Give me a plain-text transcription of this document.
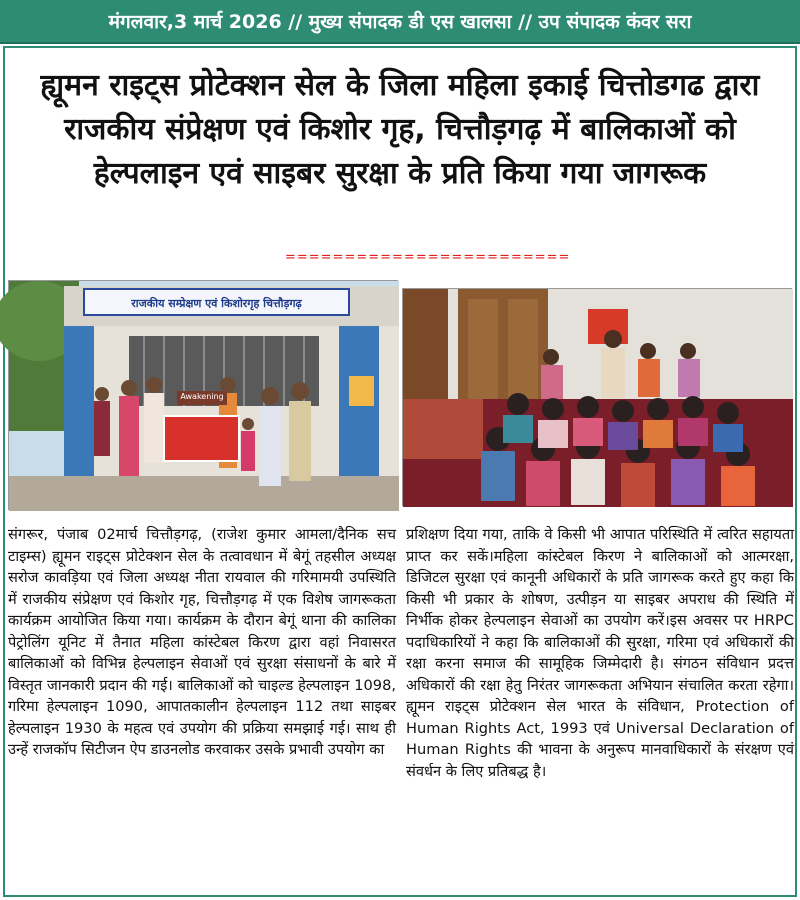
मंगलवार,3 मार्च 2026 // मुख्य संपादक डी एस खालसा // उप संपादक कंवर सरा
ह्यूमन राइट्स प्रोटेक्शन सेल के जिला महिला इकाई चित्तोडगढ द्वारा राजकीय संप्रेक्षण एवं किशोर गृह, चित्तौड़गढ़ में बालिकाओं को हेल्पलाइन एवं साइबर सुरक्षा के प्रति किया गया जागरूक
========================
राजकीय सम्प्रेक्षण एवं किशोरगृह चित्तौड़गढ़
Awakening

संगरूर, पंजाब 02मार्च चित्तौड़गढ़, (राजेश कुमार आमला/दैनिक सच टाइम्स) ह्यूमन राइट्स प्रोटेक्शन सेल के तत्वावधान में बेगूं तहसील अध्यक्ष सरोज कावड़िया एवं जिला अध्यक्ष नीता रायवाल की गरिमामयी उपस्थिति में राजकीय संप्रेक्षण एवं किशोर गृह, चित्तौड़गढ़ में एक विशेष जागरूकता कार्यक्रम आयोजित किया गया। कार्यक्रम के दौरान बेगूं थाना की कालिका पेट्रोलिंग यूनिट में तैनात महिला कांस्टेबल किरण द्वारा वहां निवासरत बालिकाओं को विभिन्न हेल्पलाइन सेवाओं एवं सुरक्षा संसाधनों के बारे में विस्तृत जानकारी प्रदान की गई। बालिकाओं को चाइल्ड हेल्पलाइन 1098, गरिमा हेल्पलाइन 1090, आपातकालीन हेल्पलाइन 112 तथा साइबर हेल्पलाइन 1930 के महत्व एवं उपयोग की प्रक्रिया समझाई गई। साथ ही उन्हें राजकॉप सिटीजन ऐप डाउनलोड करवाकर उसके प्रभावी उपयोग का

प्रशिक्षण दिया गया, ताकि वे किसी भी आपात परिस्थिति में त्वरित सहायता प्राप्त कर सकें।महिला कांस्टेबल किरण ने बालिकाओं को आत्मरक्षा, डिजिटल सुरक्षा एवं कानूनी अधिकारों के प्रति जागरूक करते हुए कहा कि किसी भी प्रकार के शोषण, उत्पीड़न या साइबर अपराध की स्थिति में निर्भीक होकर हेल्पलाइन सेवाओं का उपयोग करें।इस अवसर पर HRPC पदाधिकारियों ने कहा कि बालिकाओं की सुरक्षा, गरिमा एवं अधिकारों की रक्षा करना समाज की सामूहिक जिम्मेदारी है। संगठन संविधान प्रदत्त अधिकारों की रक्षा हेतु निरंतर जागरूकता अभियान संचालित करता रहेगा।ह्यूमन राइट्स प्रोटेक्शन सेल भारत के संविधान, Protection of Human Rights Act, 1993 एवं Universal Declaration of Human Rights की भावना के अनुरूप मानवाधिकारों के संरक्षण एवं संवर्धन के लिए प्रतिबद्ध है।
